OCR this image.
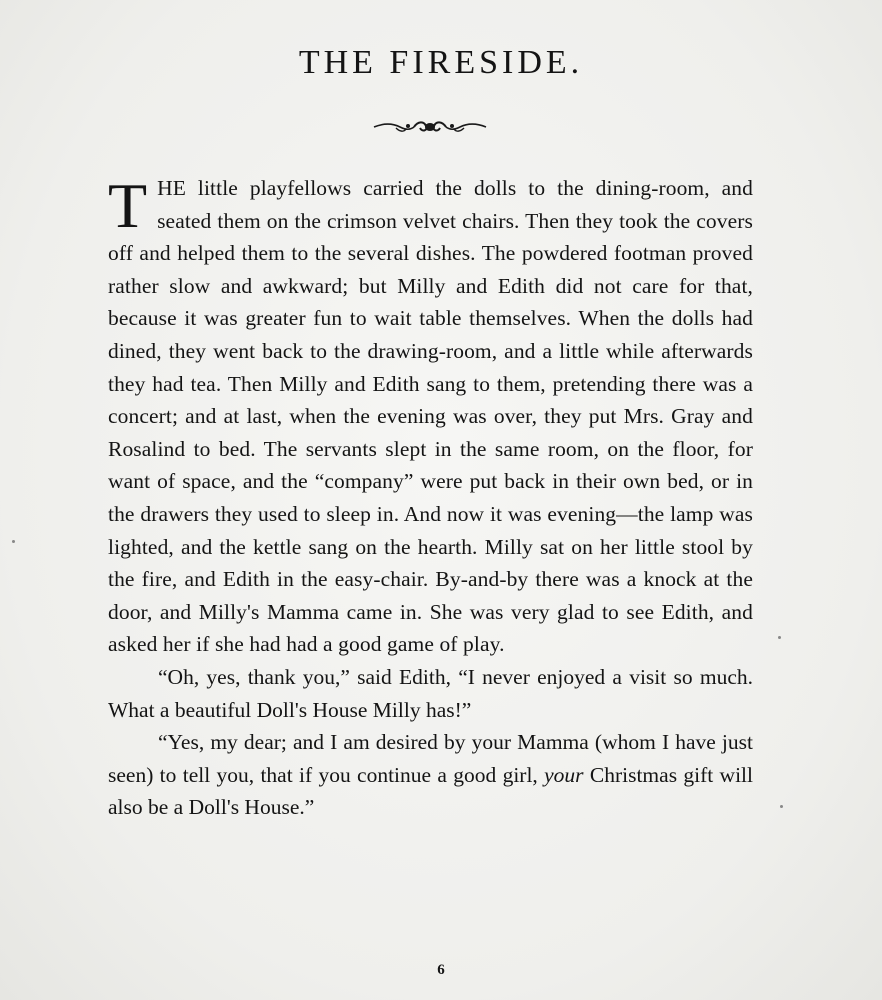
THE FIRESIDE.

THE little playfellows carried the dolls to the dining-room, and seated them on the crimson velvet chairs. Then they took the covers off and helped them to the several dishes. The powdered footman proved rather slow and awkward; but Milly and Edith did not care for that, because it was greater fun to wait table themselves. When the dolls had dined, they went back to the drawing-room, and a little while afterwards they had tea. Then Milly and Edith sang to them, pretending there was a concert; and at last, when the evening was over, they put Mrs. Gray and Rosalind to bed. The servants slept in the same room, on the floor, for want of space, and the “company” were put back in their own bed, or in the drawers they used to sleep in. And now it was evening—the lamp was lighted, and the kettle sang on the hearth. Milly sat on her little stool by the fire, and Edith in the easy-chair. By-and-by there was a knock at the door, and Milly's Mamma came in. She was very glad to see Edith, and asked her if she had had a good game of play.

“Oh, yes, thank you,” said Edith, “I never enjoyed a visit so much. What a beautiful Doll's House Milly has!”

“Yes, my dear; and I am desired by your Mamma (whom I have just seen) to tell you, that if you continue a good girl, your Christmas gift will also be a Doll's House.”

6
